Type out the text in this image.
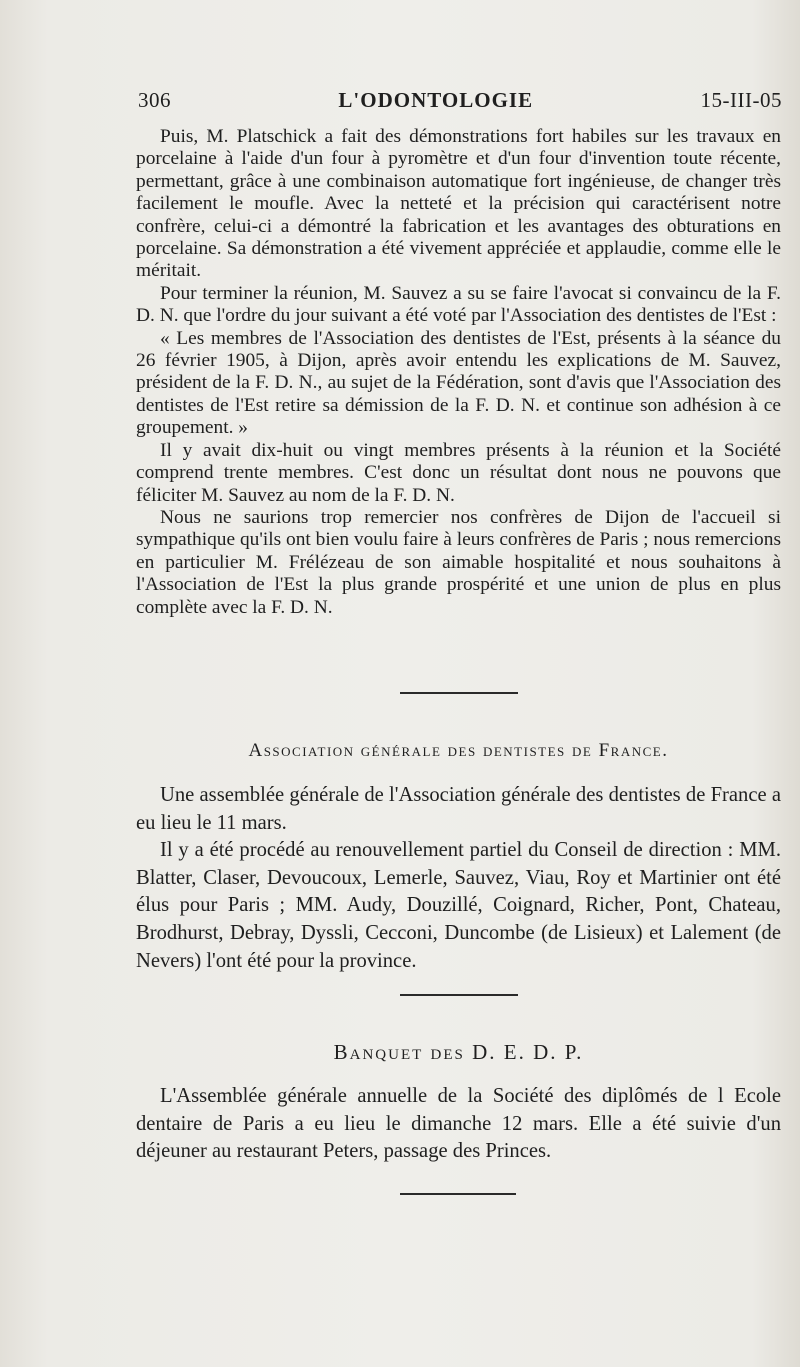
306	L'ODONTOLOGIE	15-III-05

Puis, M. Platschick a fait des démonstrations fort habiles sur les travaux en porcelaine à l'aide d'un four à pyromètre et d'un four d'invention toute récente, permettant, grâce à une combinaison automatique fort ingénieuse, de changer très facilement le moufle. Avec la netteté et la précision qui caractérisent notre confrère, celui-ci a démontré la fabrication et les avantages des obturations en porcelaine. Sa démonstration a été vivement appréciée et applaudie, comme elle le méritait.

Pour terminer la réunion, M. Sauvez a su se faire l'avocat si convaincu de la F. D. N. que l'ordre du jour suivant a été voté par l'Association des dentistes de l'Est :

« Les membres de l'Association des dentistes de l'Est, présents à la séance du 26 février 1905, à Dijon, après avoir entendu les explications de M. Sauvez, président de la F. D. N., au sujet de la Fédération, sont d'avis que l'Association des dentistes de l'Est retire sa démission de la F. D. N. et continue son adhésion à ce groupement. »

Il y avait dix-huit ou vingt membres présents à la réunion et la Société comprend trente membres. C'est donc un résultat dont nous ne pouvons que féliciter M. Sauvez au nom de la F. D. N.

Nous ne saurions trop remercier nos confrères de Dijon de l'accueil si sympathique qu'ils ont bien voulu faire à leurs confrères de Paris ; nous remercions en particulier M. Frélézeau de son aimable hospitalité et nous souhaitons à l'Association de l'Est la plus grande prospérité et une union de plus en plus complète avec la F. D. N.

Association générale des dentistes de France.

Une assemblée générale de l'Association générale des dentistes de France a eu lieu le 11 mars.

Il y a été procédé au renouvellement partiel du Conseil de direction : MM. Blatter, Claser, Devoucoux, Lemerle, Sauvez, Viau, Roy et Martinier ont été élus pour Paris ; MM. Audy, Douzillé, Coignard, Richer, Pont, Chateau, Brodhurst, Debray, Dyssli, Cecconi, Duncombe (de Lisieux) et Lalement (de Nevers) l'ont été pour la province.

Banquet des D. E. D. P.

L'Assemblée générale annuelle de la Société des diplômés de l Ecole dentaire de Paris a eu lieu le dimanche 12 mars. Elle a été suivie d'un déjeuner au restaurant Peters, passage des Princes.
